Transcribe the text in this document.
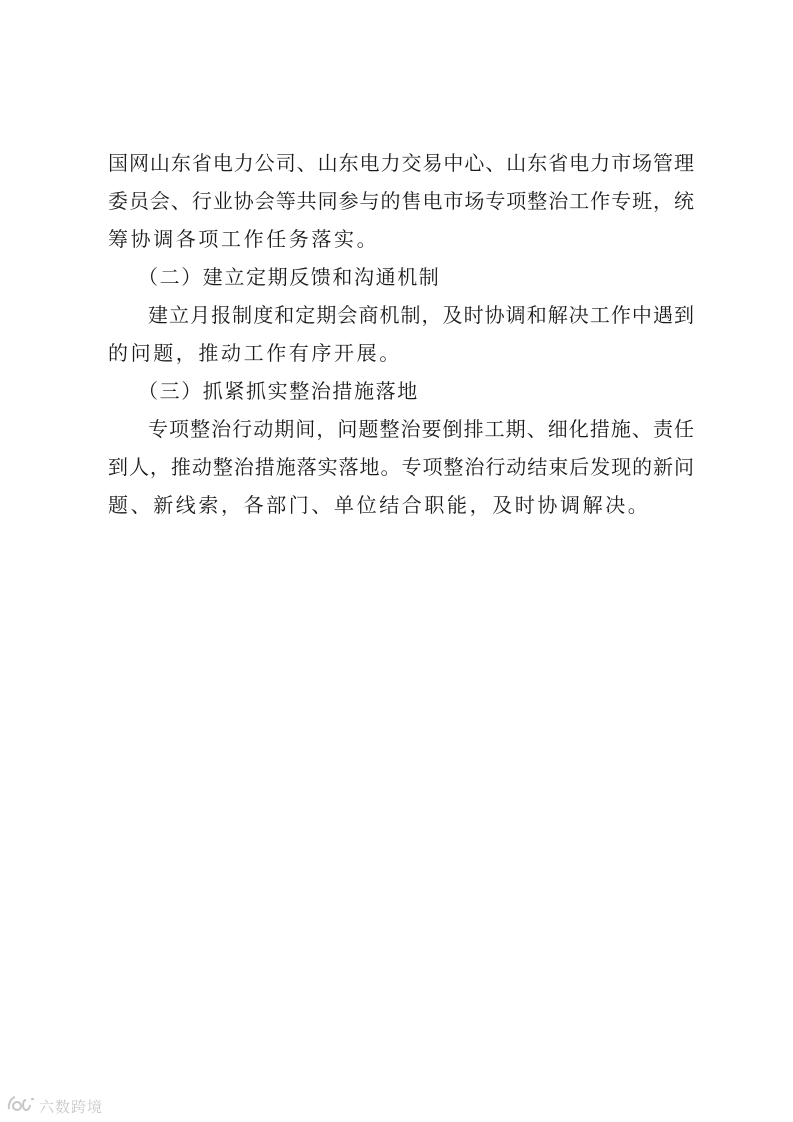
国网山东省电力公司、山东电力交易中心、山东省电力市场管理
委员会、行业协会等共同参与的售电市场专项整治工作专班，统
筹协调各项工作任务落实。
（二）建立定期反馈和沟通机制
建立月报制度和定期会商机制，及时协调和解决工作中遇到
的问题，推动工作有序开展。
（三）抓紧抓实整治措施落地
专项整治行动期间，问题整治要倒排工期、细化措施、责任
到人，推动整治措施落实落地。专项整治行动结束后发现的新问
题、新线索，各部门、单位结合职能，及时协调解决。
六数跨境
